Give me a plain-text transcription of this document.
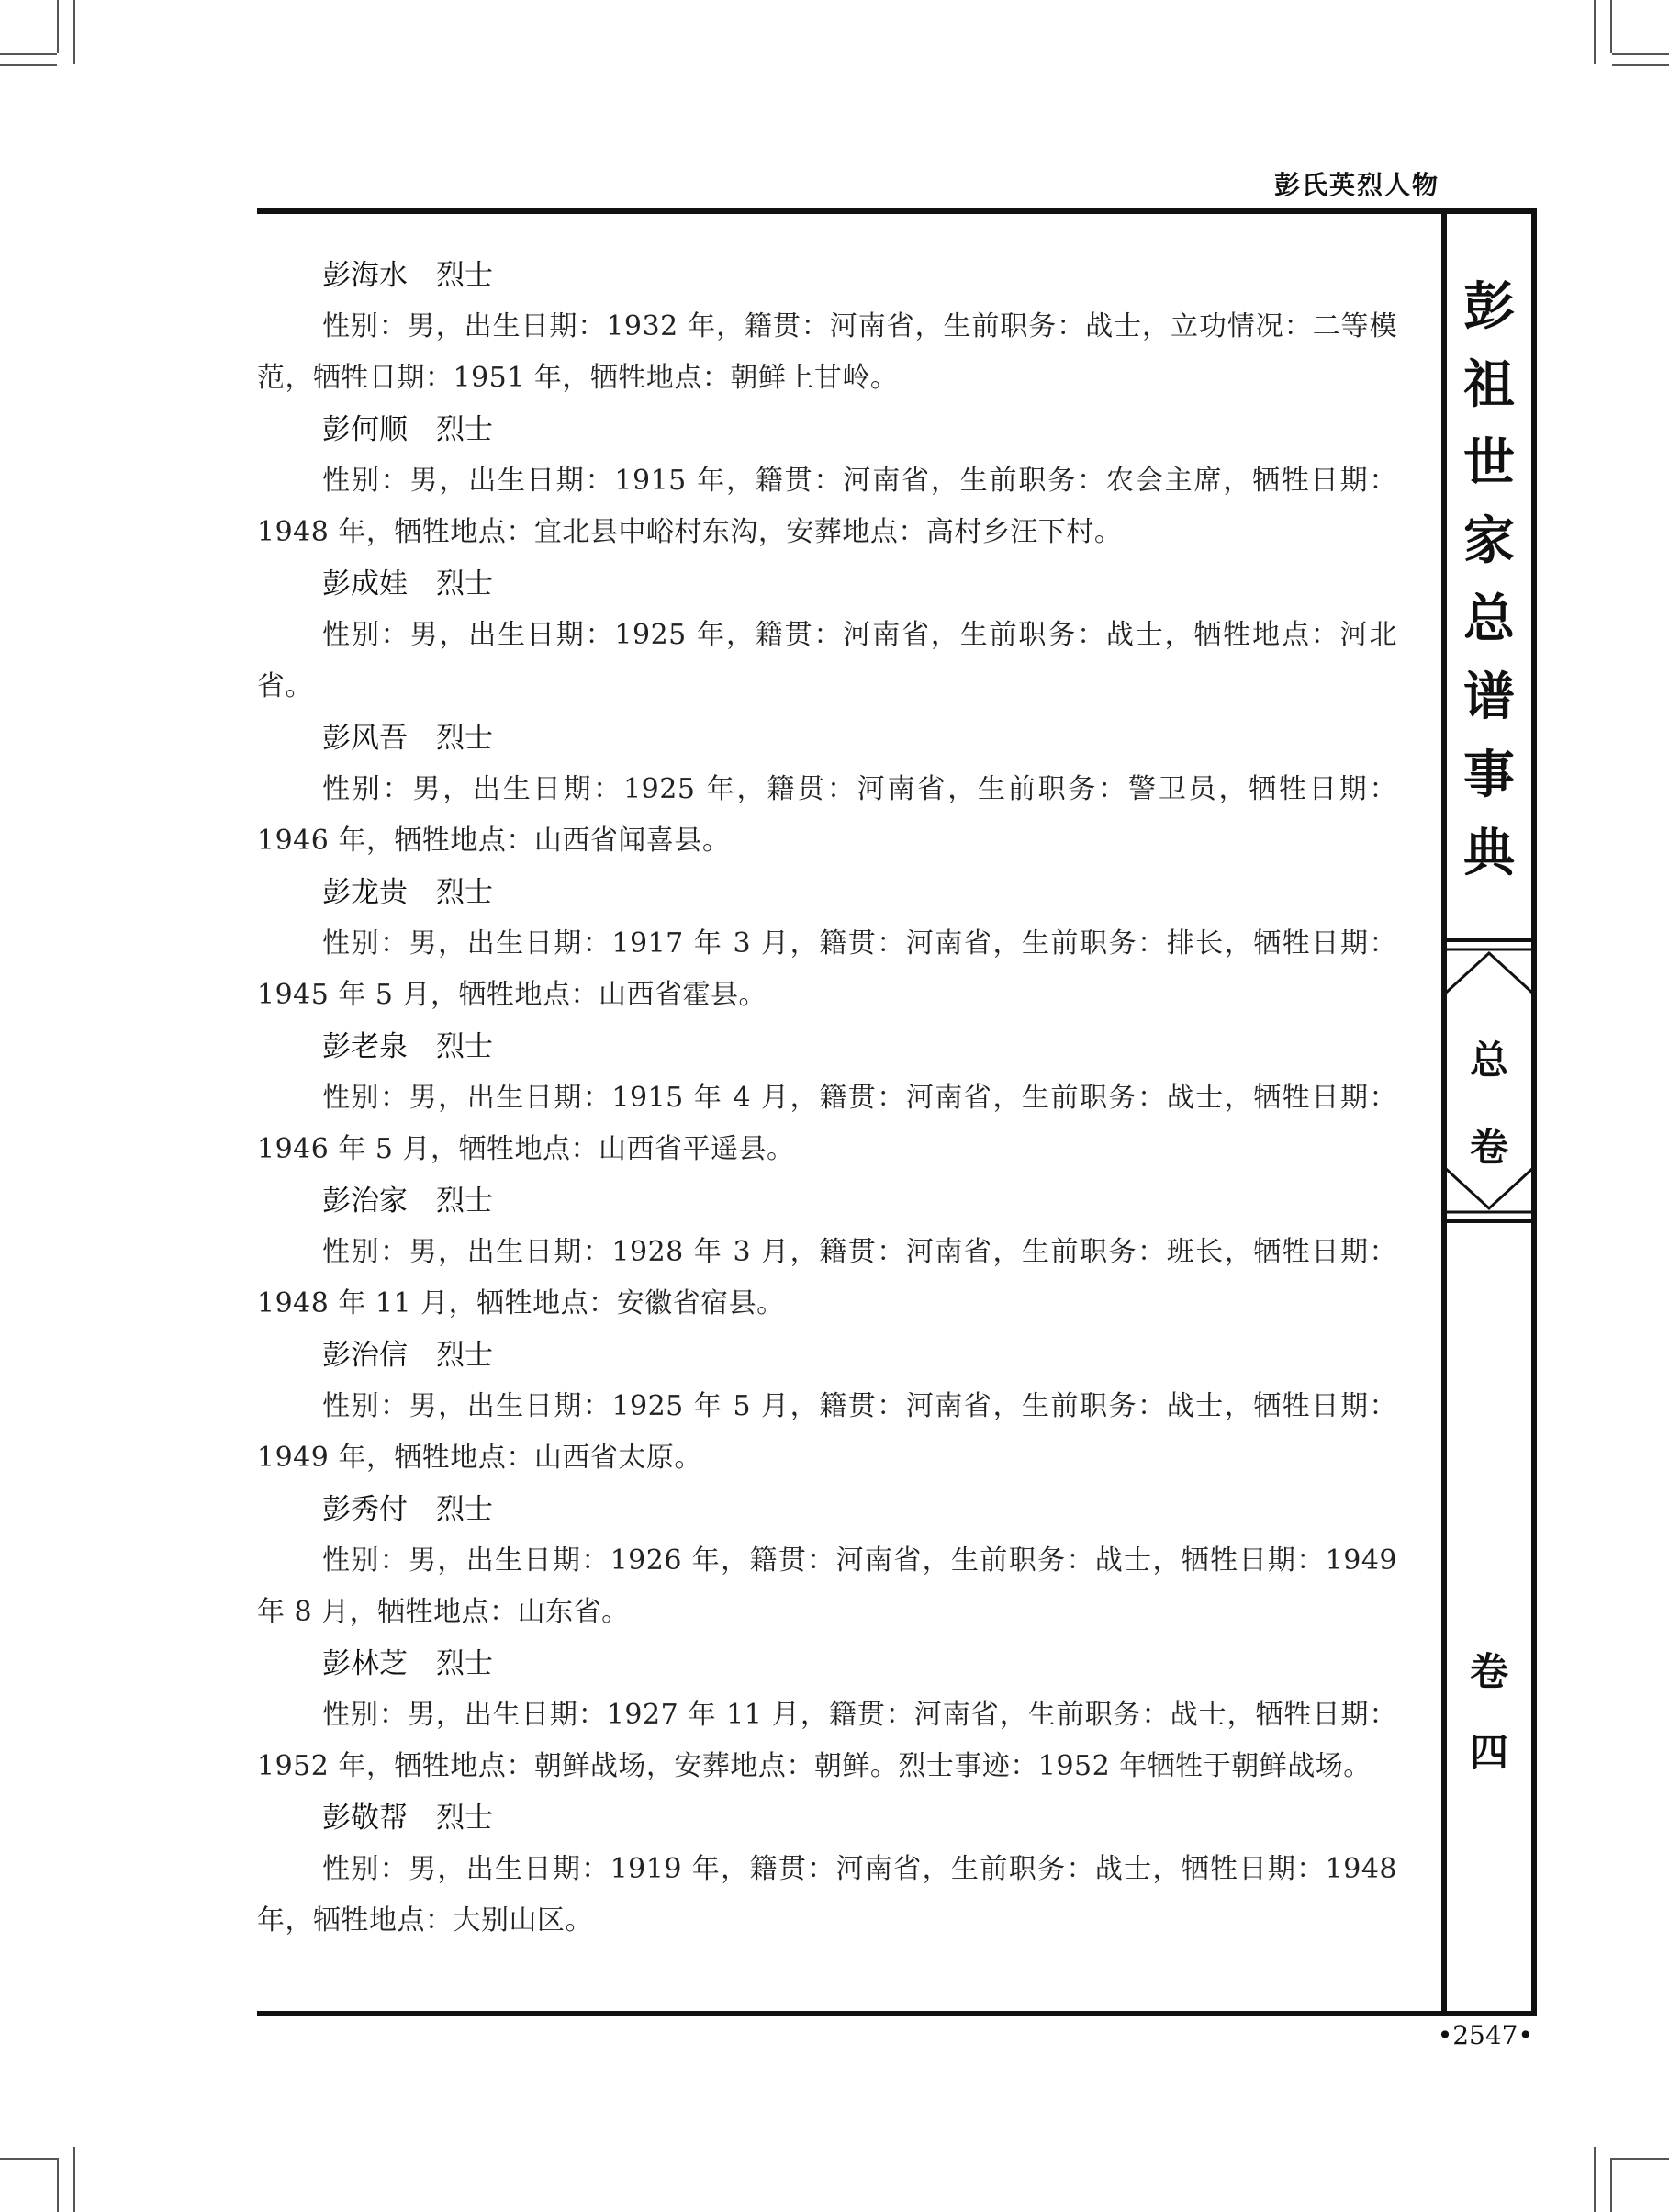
彭氏英烈人物

彭海水　烈士

性别：男，出生日期：1932 年，籍贯：河南省，生前职务：战士，立功情况：二等模范，牺牲日期：1951 年，牺牲地点：朝鲜上甘岭。

彭何顺　烈士

性别：男，出生日期：1915 年，籍贯：河南省，生前职务：农会主席，牺牲日期：1948 年，牺牲地点：宜北县中峪村东沟，安葬地点：高村乡汪下村。

彭成娃　烈士

性别：男，出生日期：1925 年，籍贯：河南省，生前职务：战士，牺牲地点：河北省。

彭风吾　烈士

性别：男，出生日期：1925 年，籍贯：河南省，生前职务：警卫员，牺牲日期：1946 年，牺牲地点：山西省闻喜县。

彭龙贵　烈士

性别：男，出生日期：1917 年 3 月，籍贯：河南省，生前职务：排长，牺牲日期：1945 年 5 月，牺牲地点：山西省霍县。

彭老泉　烈士

性别：男，出生日期：1915 年 4 月，籍贯：河南省，生前职务：战士，牺牲日期：1946 年 5 月，牺牲地点：山西省平遥县。

彭治家　烈士

性别：男，出生日期：1928 年 3 月，籍贯：河南省，生前职务：班长，牺牲日期：1948 年 11 月，牺牲地点：安徽省宿县。

彭治信　烈士

性别：男，出生日期：1925 年 5 月，籍贯：河南省，生前职务：战士，牺牲日期：1949 年，牺牲地点：山西省太原。

彭秀付　烈士

性别：男，出生日期：1926 年，籍贯：河南省，生前职务：战士，牺牲日期：1949 年 8 月，牺牲地点：山东省。

彭林芝　烈士

性别：男，出生日期：1927 年 11 月，籍贯：河南省，生前职务：战士，牺牲日期：1952 年，牺牲地点：朝鲜战场，安葬地点：朝鲜。烈士事迹：1952 年牺牲于朝鲜战场。

彭敬帮　烈士

性别：男，出生日期：1919 年，籍贯：河南省，生前职务：战士，牺牲日期：1948 年，牺牲地点：大别山区。

彭
祖
世
家
总
谱
事
典
总
卷
卷
四
•2547•
